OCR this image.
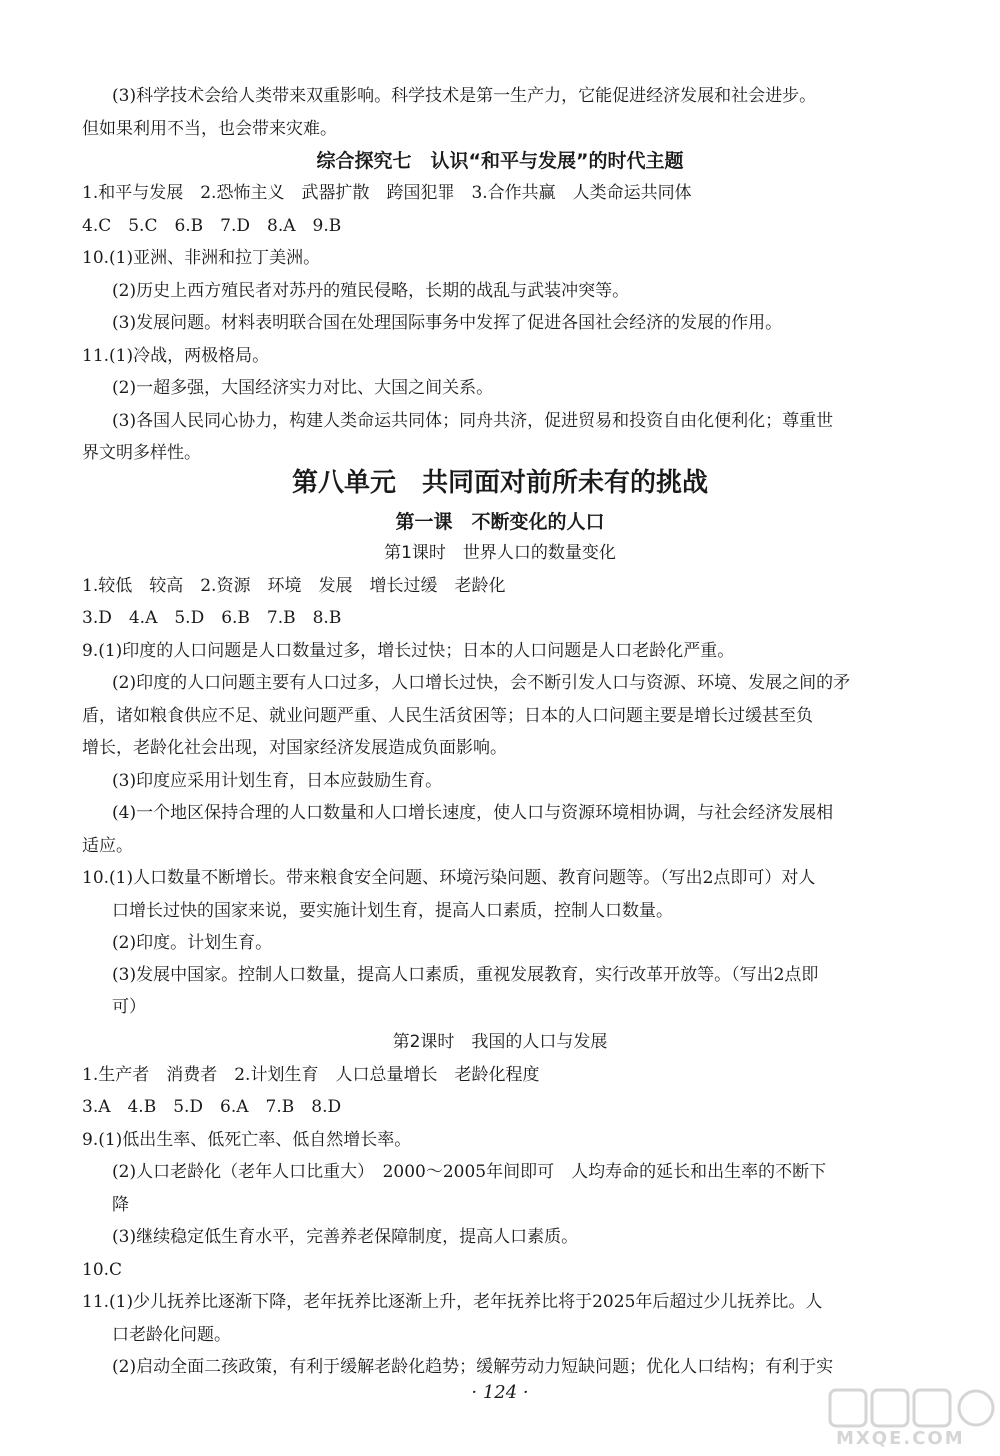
(3)科学技术会给人类带来双重影响。科学技术是第一生产力，它能促进经济发展和社会进步。
但如果利用不当，也会带来灾难。
综合探究七　认识“和平与发展”的时代主题
1.和平与发展　2.恐怖主义　武器扩散　跨国犯罪　3.合作共赢　人类命运共同体
4.C　5.C　6.B　7.D　8.A　9.B
10.(1)亚洲、非洲和拉丁美洲。
(2)历史上西方殖民者对苏丹的殖民侵略，长期的战乱与武装冲突等。
(3)发展问题。材料表明联合国在处理国际事务中发挥了促进各国社会经济的发展的作用。
11.(1)冷战，两极格局。
(2)一超多强，大国经济实力对比、大国之间关系。
(3)各国人民同心协力，构建人类命运共同体；同舟共济，促进贸易和投资自由化便利化；尊重世
界文明多样性。
第八单元　共同面对前所未有的挑战
第一课　不断变化的人口
第1课时　世界人口的数量变化
1.较低　较高　2.资源　环境　发展　增长过缓　老龄化
3.D　4.A　5.D　6.B　7.B　8.B
9.(1)印度的人口问题是人口数量过多，增长过快；日本的人口问题是人口老龄化严重。
(2)印度的人口问题主要有人口过多，人口增长过快，会不断引发人口与资源、环境、发展之间的矛
盾，诸如粮食供应不足、就业问题严重、人民生活贫困等；日本的人口问题主要是增长过缓甚至负
增长，老龄化社会出现，对国家经济发展造成负面影响。
(3)印度应采用计划生育，日本应鼓励生育。
(4)一个地区保持合理的人口数量和人口增长速度，使人口与资源环境相协调，与社会经济发展相
适应。
10.(1)人口数量不断增长。带来粮食安全问题、环境污染问题、教育问题等。（写出2点即可）对人
口增长过快的国家来说，要实施计划生育，提高人口素质，控制人口数量。
(2)印度。计划生育。
(3)发展中国家。控制人口数量，提高人口素质，重视发展教育，实行改革开放等。（写出2点即
可）
第2课时　我国的人口与发展
1.生产者　消费者　2.计划生育　人口总量增长　老龄化程度
3.A　4.B　5.D　6.A　7.B　8.D
9.(1)低出生率、低死亡率、低自然增长率。
(2)人口老龄化（老年人口比重大）　2000～2005年间即可　人均寿命的延长和出生率的不断下
降
(3)继续稳定低生育水平，完善养老保障制度，提高人口素质。
10.C
11.(1)少儿抚养比逐渐下降，老年抚养比逐渐上升，老年抚养比将于2025年后超过少儿抚养比。人
口老龄化问题。
(2)启动全面二孩政策，有利于缓解老龄化趋势；缓解劳动力短缺问题；优化人口结构；有利于实
· 124 ·
MXQE.COM
